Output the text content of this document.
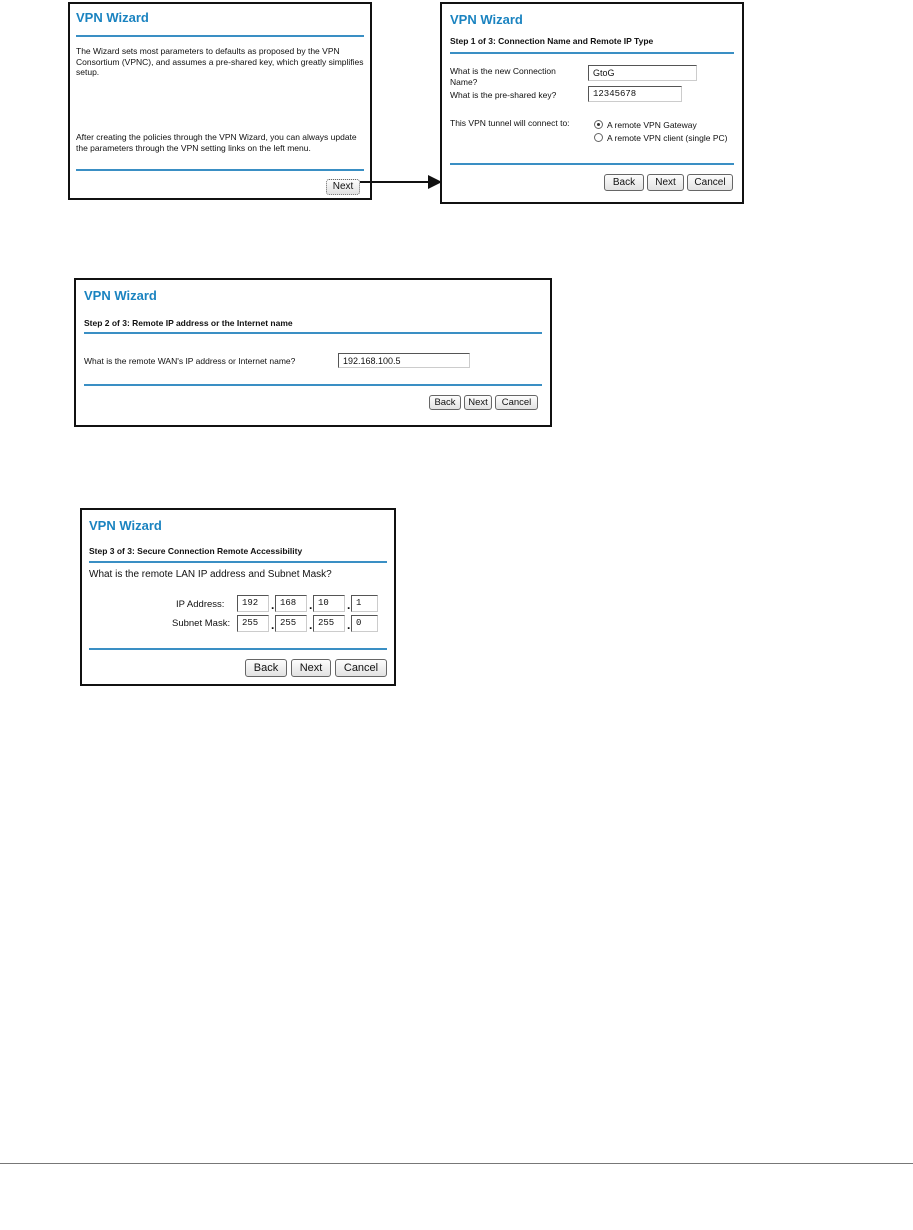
VPN Wizard
The Wizard sets most parameters to defaults as proposed by the VPN Consortium (VPNC), and assumes a pre-shared key, which greatly simplifies setup.
After creating the policies through the VPN Wizard, you can always update the parameters through the VPN setting links on the left menu.
Next
VPN Wizard
Step 1 of 3: Connection Name and Remote IP Type
What is the new Connection Name?
GtoG
What is the pre-shared key?	12345678
This VPN tunnel will connect to:	A remote VPN Gateway
A remote VPN client (single PC)
Back	Next	Cancel
VPN Wizard
Step 2 of 3: Remote IP address or the Internet name
What is the remote WAN's IP address or Internet name?	192.168.100.5
Back	Next	Cancel
VPN Wizard
Step 3 of 3: Secure Connection Remote Accessibility
What is the remote LAN IP address and Subnet Mask?
IP Address:	192	. 168	. 10	. 1
Subnet Mask:	255	. 255	. 255	. 0
Back	Next	Cancel
